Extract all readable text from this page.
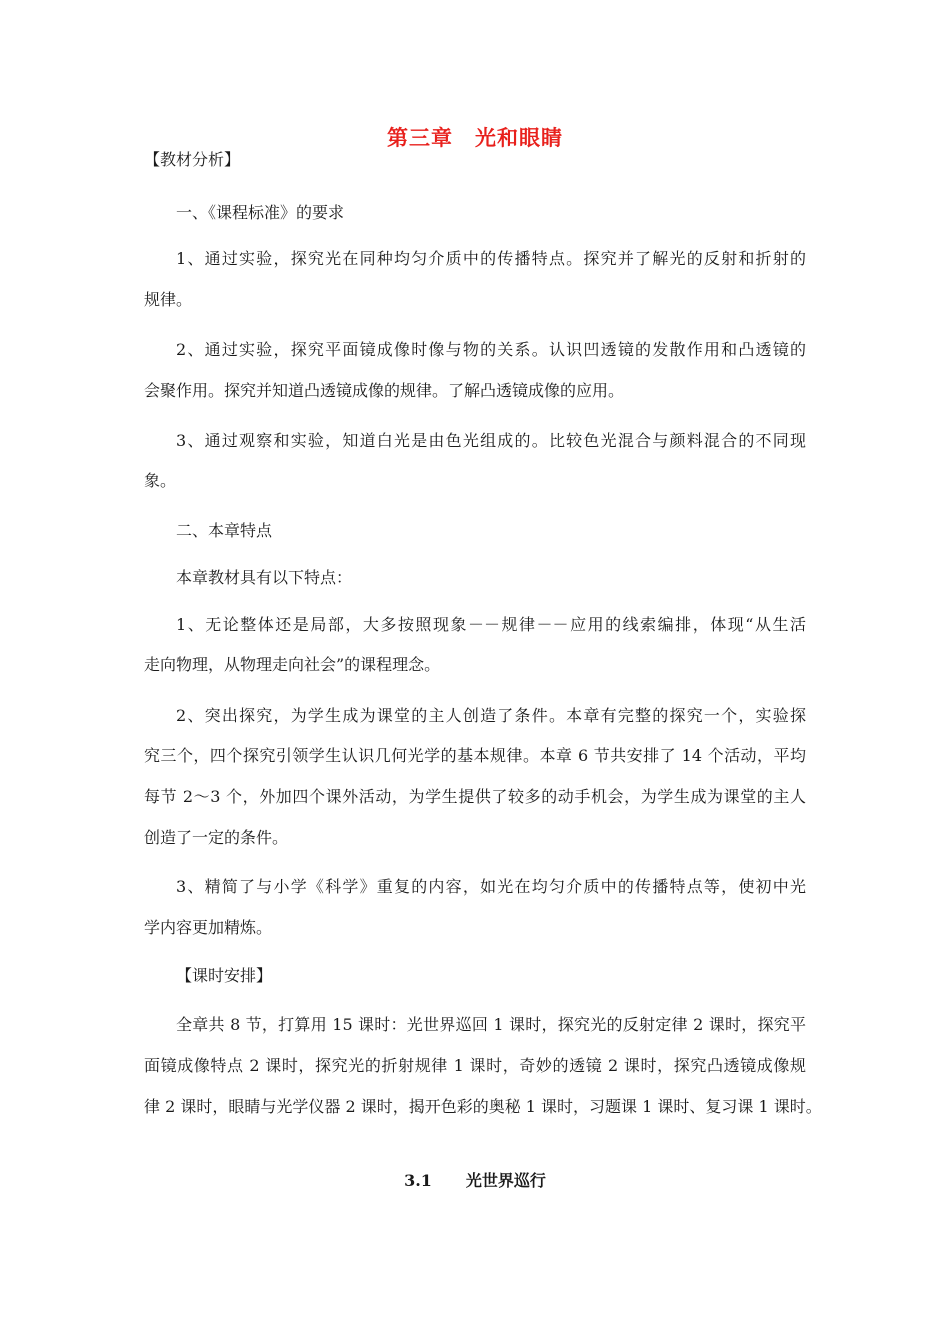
第三章　光和眼睛
【教材分析】
一、《课程标准》的要求
1、通过实验，探究光在同种均匀介质中的传播特点。探究并了解光的反射和折射的
规律。
2、通过实验，探究平面镜成像时像与物的关系。认识凹透镜的发散作用和凸透镜的
会聚作用。探究并知道凸透镜成像的规律。了解凸透镜成像的应用。
3、通过观察和实验，知道白光是由色光组成的。比较色光混合与颜料混合的不同现
象。
二、本章特点
本章教材具有以下特点：
1、无论整体还是局部，大多按照现象－－规律－－应用的线索编排，体现“从生活
走向物理，从物理走向社会”的课程理念。
2、突出探究，为学生成为课堂的主人创造了条件。本章有完整的探究一个，实验探
究三个，四个探究引领学生认识几何光学的基本规律。本章 6 节共安排了 14 个活动，平均
每节 2～3 个，外加四个课外活动，为学生提供了较多的动手机会，为学生成为课堂的主人
创造了一定的条件。
3、精简了与小学《科学》重复的内容，如光在均匀介质中的传播特点等，使初中光
学内容更加精炼。
【课时安排】
全章共 8 节，打算用 15 课时：光世界巡回 1 课时，探究光的反射定律 2 课时，探究平
面镜成像特点 2 课时，探究光的折射规律 1 课时，奇妙的透镜 2 课时，探究凸透镜成像规
律 2 课时，眼睛与光学仪器 2 课时，揭开色彩的奥秘 1 课时，习题课 1 课时、复习课 1 课时。
3.1 光世界巡行
